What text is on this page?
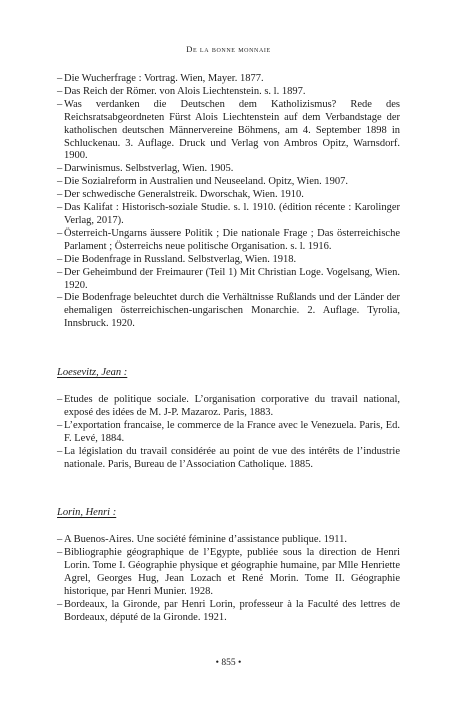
De la bonne monnaie
– Die Wucherfrage : Vortrag. Wien, Mayer. 1877.
– Das Reich der Römer. von Alois Liechtenstein. s. l. 1897.
– Was verdanken die Deutschen dem Katholizismus? Rede des Reichsratsabgeordneten Fürst Alois Liechtenstein auf dem Verbandstage der katholischen deutschen Männervereine Böhmens, am 4. September 1898 in Schluckenau. 3. Auflage. Druck und Verlag von Ambros Opitz, Warnsdorf. 1900.
– Darwinismus. Selbstverlag, Wien. 1905.
– Die Sozialreform in Australien und Neuseeland. Opitz, Wien. 1907.
– Der schwedische Generalstreik. Dworschak, Wien. 1910.
– Das Kalifat : Historisch-soziale Studie. s. l. 1910. (édition récente : Karolinger Verlag, 2017).
– Österreich-Ungarns äussere Politik ; Die nationale Frage ; Das österreichische Parlament ; Österreichs neue politische Organisation. s. l. 1916.
– Die Bodenfrage in Russland. Selbstverlag, Wien. 1918.
– Der Geheimbund der Freimaurer (Teil 1) Mit Christian Loge. Vogelsang, Wien. 1920.
– Die Bodenfrage beleuchtet durch die Verhältnisse Rußlands und der Länder der ehemaligen österreichischen-ungarischen Monarchie. 2. Auflage. Tyrolia, Innsbruck. 1920.
Loesevitz, Jean :
– Etudes de politique sociale. L’organisation corporative du travail national, exposé des idées de M. J-P. Mazaroz. Paris, 1883.
– L’exportation francaise, le commerce de la France avec le Venezuela. Paris, Ed. F. Levé, 1884.
– La législation du travail considérée au point de vue des intérêts de l’industrie nationale. Paris, Bureau de l’Association Catholique. 1885.
Lorin, Henri :
– A Buenos-Aires. Une société féminine d’assistance publique. 1911.
– Bibliographie géographique de l’Egypte, publiée sous la direction de Henri Lorin. Tome I. Géographie physique et géographie humaine, par Mlle Henriette Agrel, Georges Hug, Jean Lozach et René Morin. Tome II. Géographie historique, par Henri Munier. 1928.
– Bordeaux, la Gironde, par Henri Lorin, professeur à la Faculté des lettres de Bordeaux, député de la Gironde. 1921.
• 855 •
